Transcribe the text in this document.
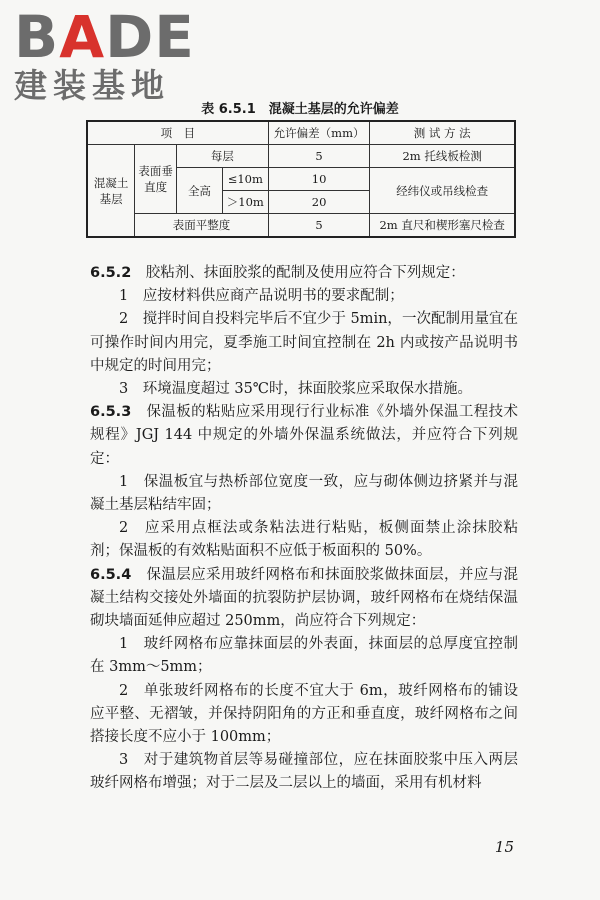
BADE
建装基地
表 6.5.1　混凝土基层的允许偏差
项　目				允许偏差（mm）	测 试 方 法
混凝土基层	表面垂直度	每层		5	2m 托线板检测
		全高	≤10m	10	经纬仪或吊线检查
			＞10m	20	
	表面平整度			5	2m 直尺和楔形塞尺检查

6.5.2　 胶粘剂、抹面胶浆的配制及使用应符合下列规定：

1　 应按材料供应商产品说明书的要求配制；

2　 搅拌时间自投料完毕后不宜少于 5min，一次配制用量宜在可操作时间内用完，夏季施工时间宜控制在 2h 内或按产品说明书中规定的时间用完；

3　 环境温度超过 35℃时，抹面胶浆应采取保水措施。

6.5.3　 保温板的粘贴应采用现行行业标准《外墙外保温工程技术规程》JGJ 144 中规定的外墙外保温系统做法，并应符合下列规定：

1　 保温板宜与热桥部位宽度一致，应与砌体侧边挤紧并与混凝土基层粘结牢固；

2　 应采用点框法或条粘法进行粘贴，板侧面禁止涂抹胶粘剂；保温板的有效粘贴面积不应低于板面积的 50%。

6.5.4　 保温层应采用玻纤网格布和抹面胶浆做抹面层，并应与混凝土结构交接处外墙面的抗裂防护层协调，玻纤网格布在烧结保温砌块墙面延伸应超过 250mm，尚应符合下列规定：

1　 玻纤网格布应靠抹面层的外表面，抹面层的总厚度宜控制在 3mm～5mm；

2　 单张玻纤网格布的长度不宜大于 6m，玻纤网格布的铺设应平整、无褶皱，并保持阴阳角的方正和垂直度，玻纤网格布之间搭接长度不应小于 100mm；

3　 对于建筑物首层等易碰撞部位，应在抹面胶浆中压入两层玻纤网格布增强；对于二层及二层以上的墙面，采用有机材料

15
